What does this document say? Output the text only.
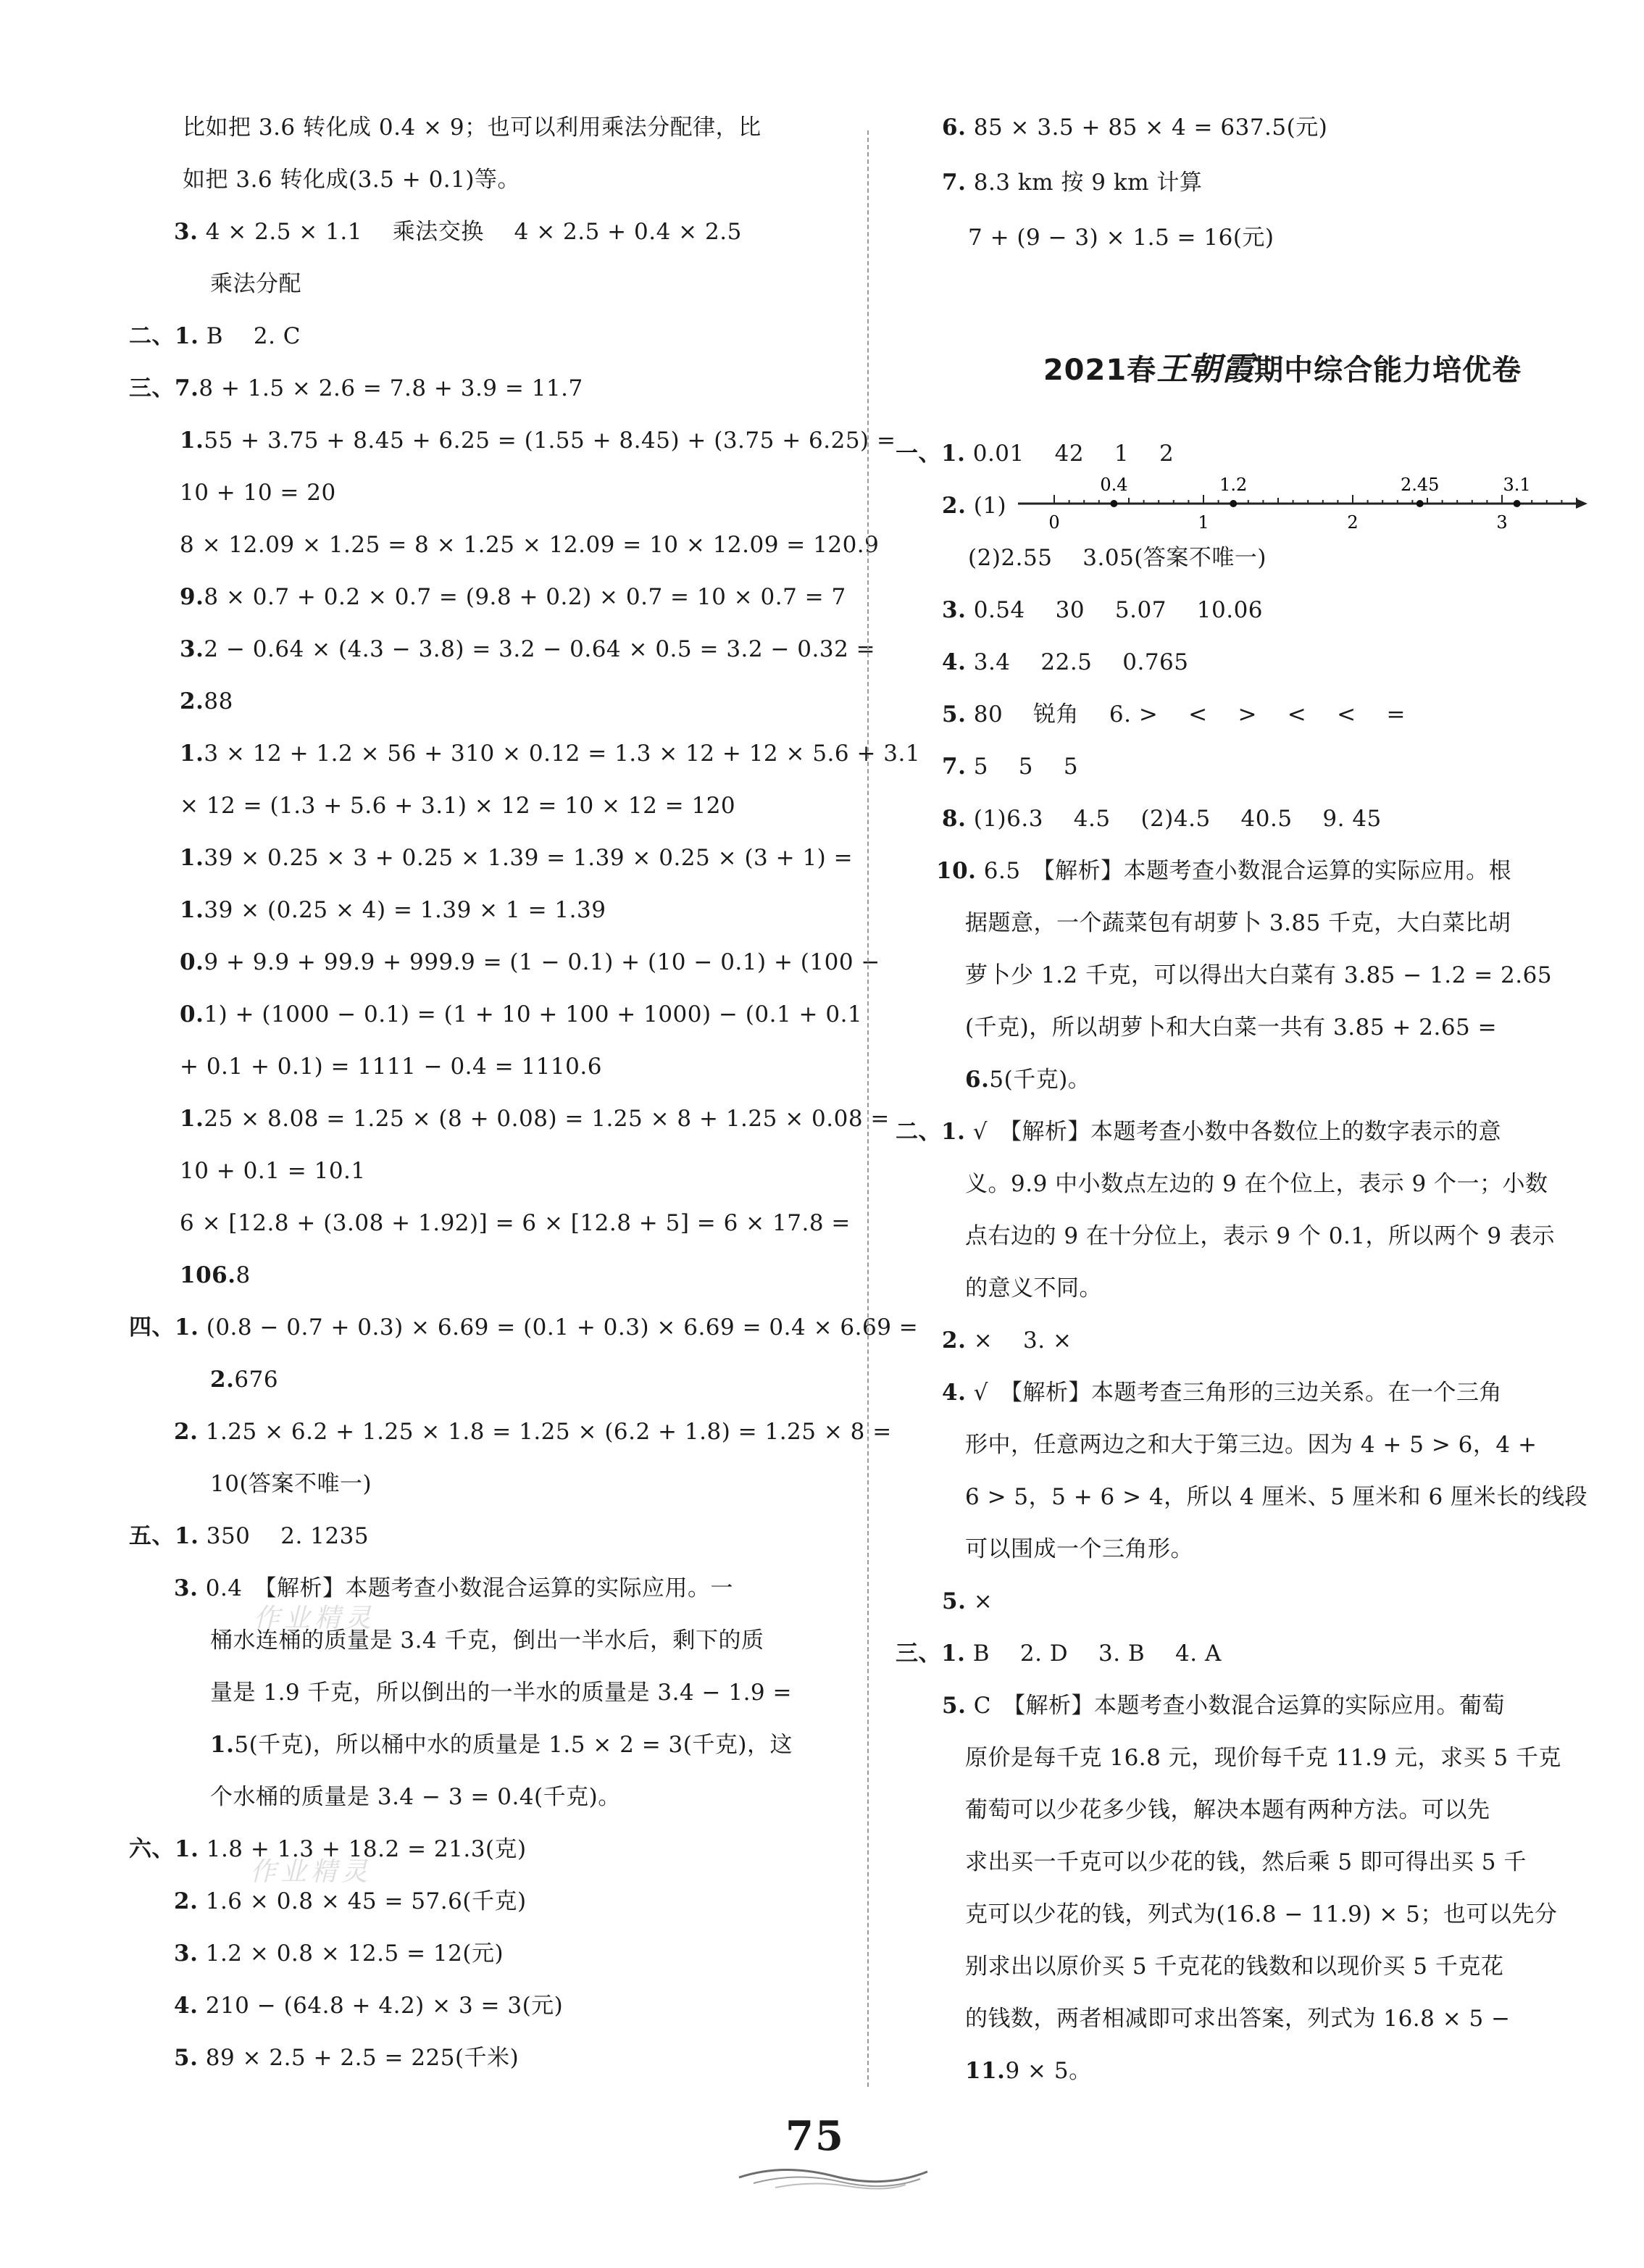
比如把 3.6 转化成 0.4 × 9；也可以利用乘法分配律，比
如把 3.6 转化成(3.5 + 0.1)等。
3. 4 × 2.5 × 1.1　 乘法交换　 4 × 2.5 + 0.4 × 2.5
乘法分配
二、1. B　 2. C
三、7.8 + 1.5 × 2.6 = 7.8 + 3.9 = 11.7
1.55 + 3.75 + 8.45 + 6.25 = (1.55 + 8.45) + (3.75 + 6.25) =
10 + 10 = 20
8 × 12.09 × 1.25 = 8 × 1.25 × 12.09 = 10 × 12.09 = 120.9
9.8 × 0.7 + 0.2 × 0.7 = (9.8 + 0.2) × 0.7 = 10 × 0.7 = 7
3.2 − 0.64 × (4.3 − 3.8) = 3.2 − 0.64 × 0.5 = 3.2 − 0.32 =
2.88
1.3 × 12 + 1.2 × 56 + 310 × 0.12 = 1.3 × 12 + 12 × 5.6 + 3.1
× 12 = (1.3 + 5.6 + 3.1) × 12 = 10 × 12 = 120
1.39 × 0.25 × 3 + 0.25 × 1.39 = 1.39 × 0.25 × (3 + 1) =
1.39 × (0.25 × 4) = 1.39 × 1 = 1.39
0.9 + 9.9 + 99.9 + 999.9 = (1 − 0.1) + (10 − 0.1) + (100 −
0.1) + (1000 − 0.1) = (1 + 10 + 100 + 1000) − (0.1 + 0.1
+ 0.1 + 0.1) = 1111 − 0.4 = 1110.6
1.25 × 8.08 = 1.25 × (8 + 0.08) = 1.25 × 8 + 1.25 × 0.08 =
10 + 0.1 = 10.1
6 × [12.8 + (3.08 + 1.92)] = 6 × [12.8 + 5] = 6 × 17.8 =
106.8
四、1. (0.8 − 0.7 + 0.3) × 6.69 = (0.1 + 0.3) × 6.69 = 0.4 × 6.69 =
2.676
2. 1.25 × 6.2 + 1.25 × 1.8 = 1.25 × (6.2 + 1.8) = 1.25 × 8 =
10(答案不唯一)
五、1. 350　 2. 1235
3. 0.4　【解析】本题考查小数混合运算的实际应用。一
桶水连桶的质量是 3.4 千克，倒出一半水后，剩下的质
量是 1.9 千克，所以倒出的一半水的质量是 3.4 − 1.9 =
1.5(千克)，所以桶中水的质量是 1.5 × 2 = 3(千克)，这
个水桶的质量是 3.4 − 3 = 0.4(千克)。
六、1. 1.8 + 1.3 + 18.2 = 21.3(克)
2. 1.6 × 0.8 × 45 = 57.6(千克)
3. 1.2 × 0.8 × 12.5 = 12(元)
4. 210 − (64.8 + 4.2) × 3 = 3(元)
5. 89 × 2.5 + 2.5 = 225(千米)
6. 85 × 3.5 + 85 × 4 = 637.5(元)
7. 8.3 km 按 9 km 计算
7 + (9 − 3) × 1.5 = 16(元)
一、1. 0.01　 42　 1　 2
2. (1)
(2)2.55　 3.05(答案不唯一)
3. 0.54　 30　 5.07　 10.06
4. 3.4　 22.5　 0.765
5. 80　 锐角　 6. >　 <　 >　 <　 <　 =
7. 5　 5　 5
8. (1)6.3　 4.5　 (2)4.5　 40.5　 9. 45
10. 6.5　【解析】本题考查小数混合运算的实际应用。根
据题意，一个蔬菜包有胡萝卜 3.85 千克，大白菜比胡
萝卜少 1.2 千克，可以得出大白菜有 3.85 − 1.2 = 2.65
(千克)，所以胡萝卜和大白菜一共有 3.85 + 2.65 =
6.5(千克)。
二、1. √　【解析】本题考查小数中各数位上的数字表示的意
义。9.9 中小数点左边的 9 在个位上，表示 9 个一；小数
点右边的 9 在十分位上，表示 9 个 0.1，所以两个 9 表示
的意义不同。
2. ×　 3. ×
4. √　【解析】本题考查三角形的三边关系。在一个三角
形中，任意两边之和大于第三边。因为 4 + 5 > 6，4 +
6 > 5，5 + 6 > 4，所以 4 厘米、5 厘米和 6 厘米长的线段
可以围成一个三角形。
5. ×
三、1. B　 2. D　 3. B　 4. A
5. C　【解析】本题考查小数混合运算的实际应用。葡萄
原价是每千克 16.8 元，现价每千克 11.9 元，求买 5 千克
葡萄可以少花多少钱，解决本题有两种方法。可以先
求出买一千克可以少花的钱，然后乘 5 即可得出买 5 千
克可以少花的钱，列式为(16.8 − 11.9) × 5；也可以先分
别求出以原价买 5 千克花的钱数和以现价买 5 千克花
的钱数，两者相减即可求出答案，列式为 16.8 × 5 −
11.9 × 5。
2021春王朝霞期中综合能力培优卷
0	1	2	3
0.4	1.2	2.45	3.1
作业精灵
作业精灵
75
